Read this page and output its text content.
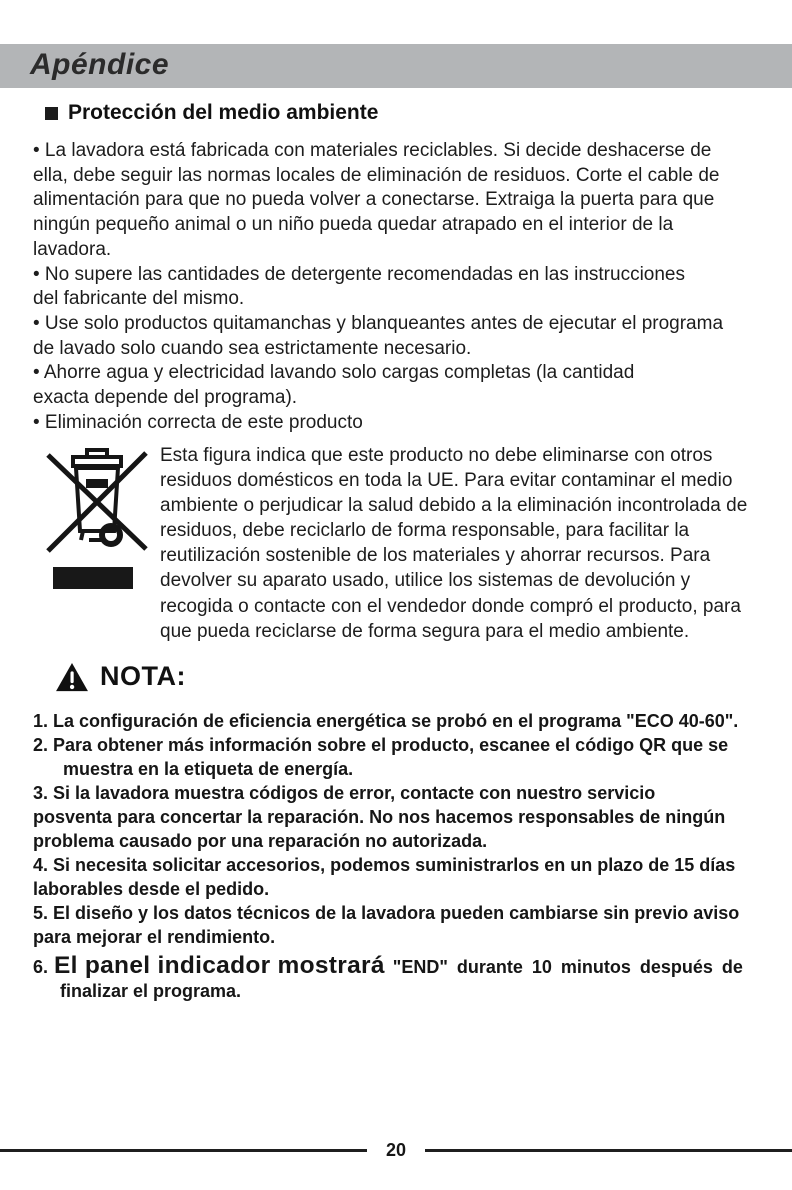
Apéndice
Protección del medio ambiente

• La lavadora está fabricada con materiales reciclables. Si decide deshacerse de
ella, debe seguir las normas locales de eliminación de residuos. Corte el cable de
alimentación para que no pueda volver a conectarse. Extraiga la puerta para que
ningún pequeño animal o un niño pueda quedar atrapado en el interior de la
lavadora.

• No supere las cantidades de detergente recomendadas en las instrucciones
del fabricante del mismo.

• Use solo productos quitamanchas y blanqueantes antes de ejecutar el programa
de lavado solo cuando sea estrictamente necesario.

• Ahorre agua y electricidad lavando solo cargas completas (la cantidad
exacta depende del programa).

• Eliminación correcta de este producto

Esta figura indica que este producto no debe eliminarse con otros
residuos domésticos en toda la UE. Para evitar contaminar el medio
ambiente o perjudicar la salud debido a la eliminación incontrolada de
residuos, debe reciclarlo de forma responsable, para facilitar la
reutilización sostenible de los materiales y ahorrar recursos. Para
devolver su aparato usado, utilice los sistemas de devolución y
recogida o contacte con el vendedor donde compró el producto, para
que pueda reciclarse de forma segura para el medio ambiente.

NOTA:
1. La configuración de eficiencia energética se probó en el programa "ECO 40-60".
2. Para obtener más información sobre el producto, escanee el código QR que se
muestra en la etiqueta de energía.
3. Si la lavadora muestra códigos de error, contacte con nuestro servicio
posventa para concertar la reparación. No nos hacemos responsables de ningún
problema causado por una reparación no autorizada.
4. Si necesita solicitar accesorios, podemos suministrarlos en un plazo de 15 días
laborables desde el pedido.
5. El diseño y los datos técnicos de la lavadora pueden cambiarse sin previo aviso
para mejorar el rendimiento.
6. El panel indicador mostrará "END" durante 10 minutos después de
finalizar el programa.
20
